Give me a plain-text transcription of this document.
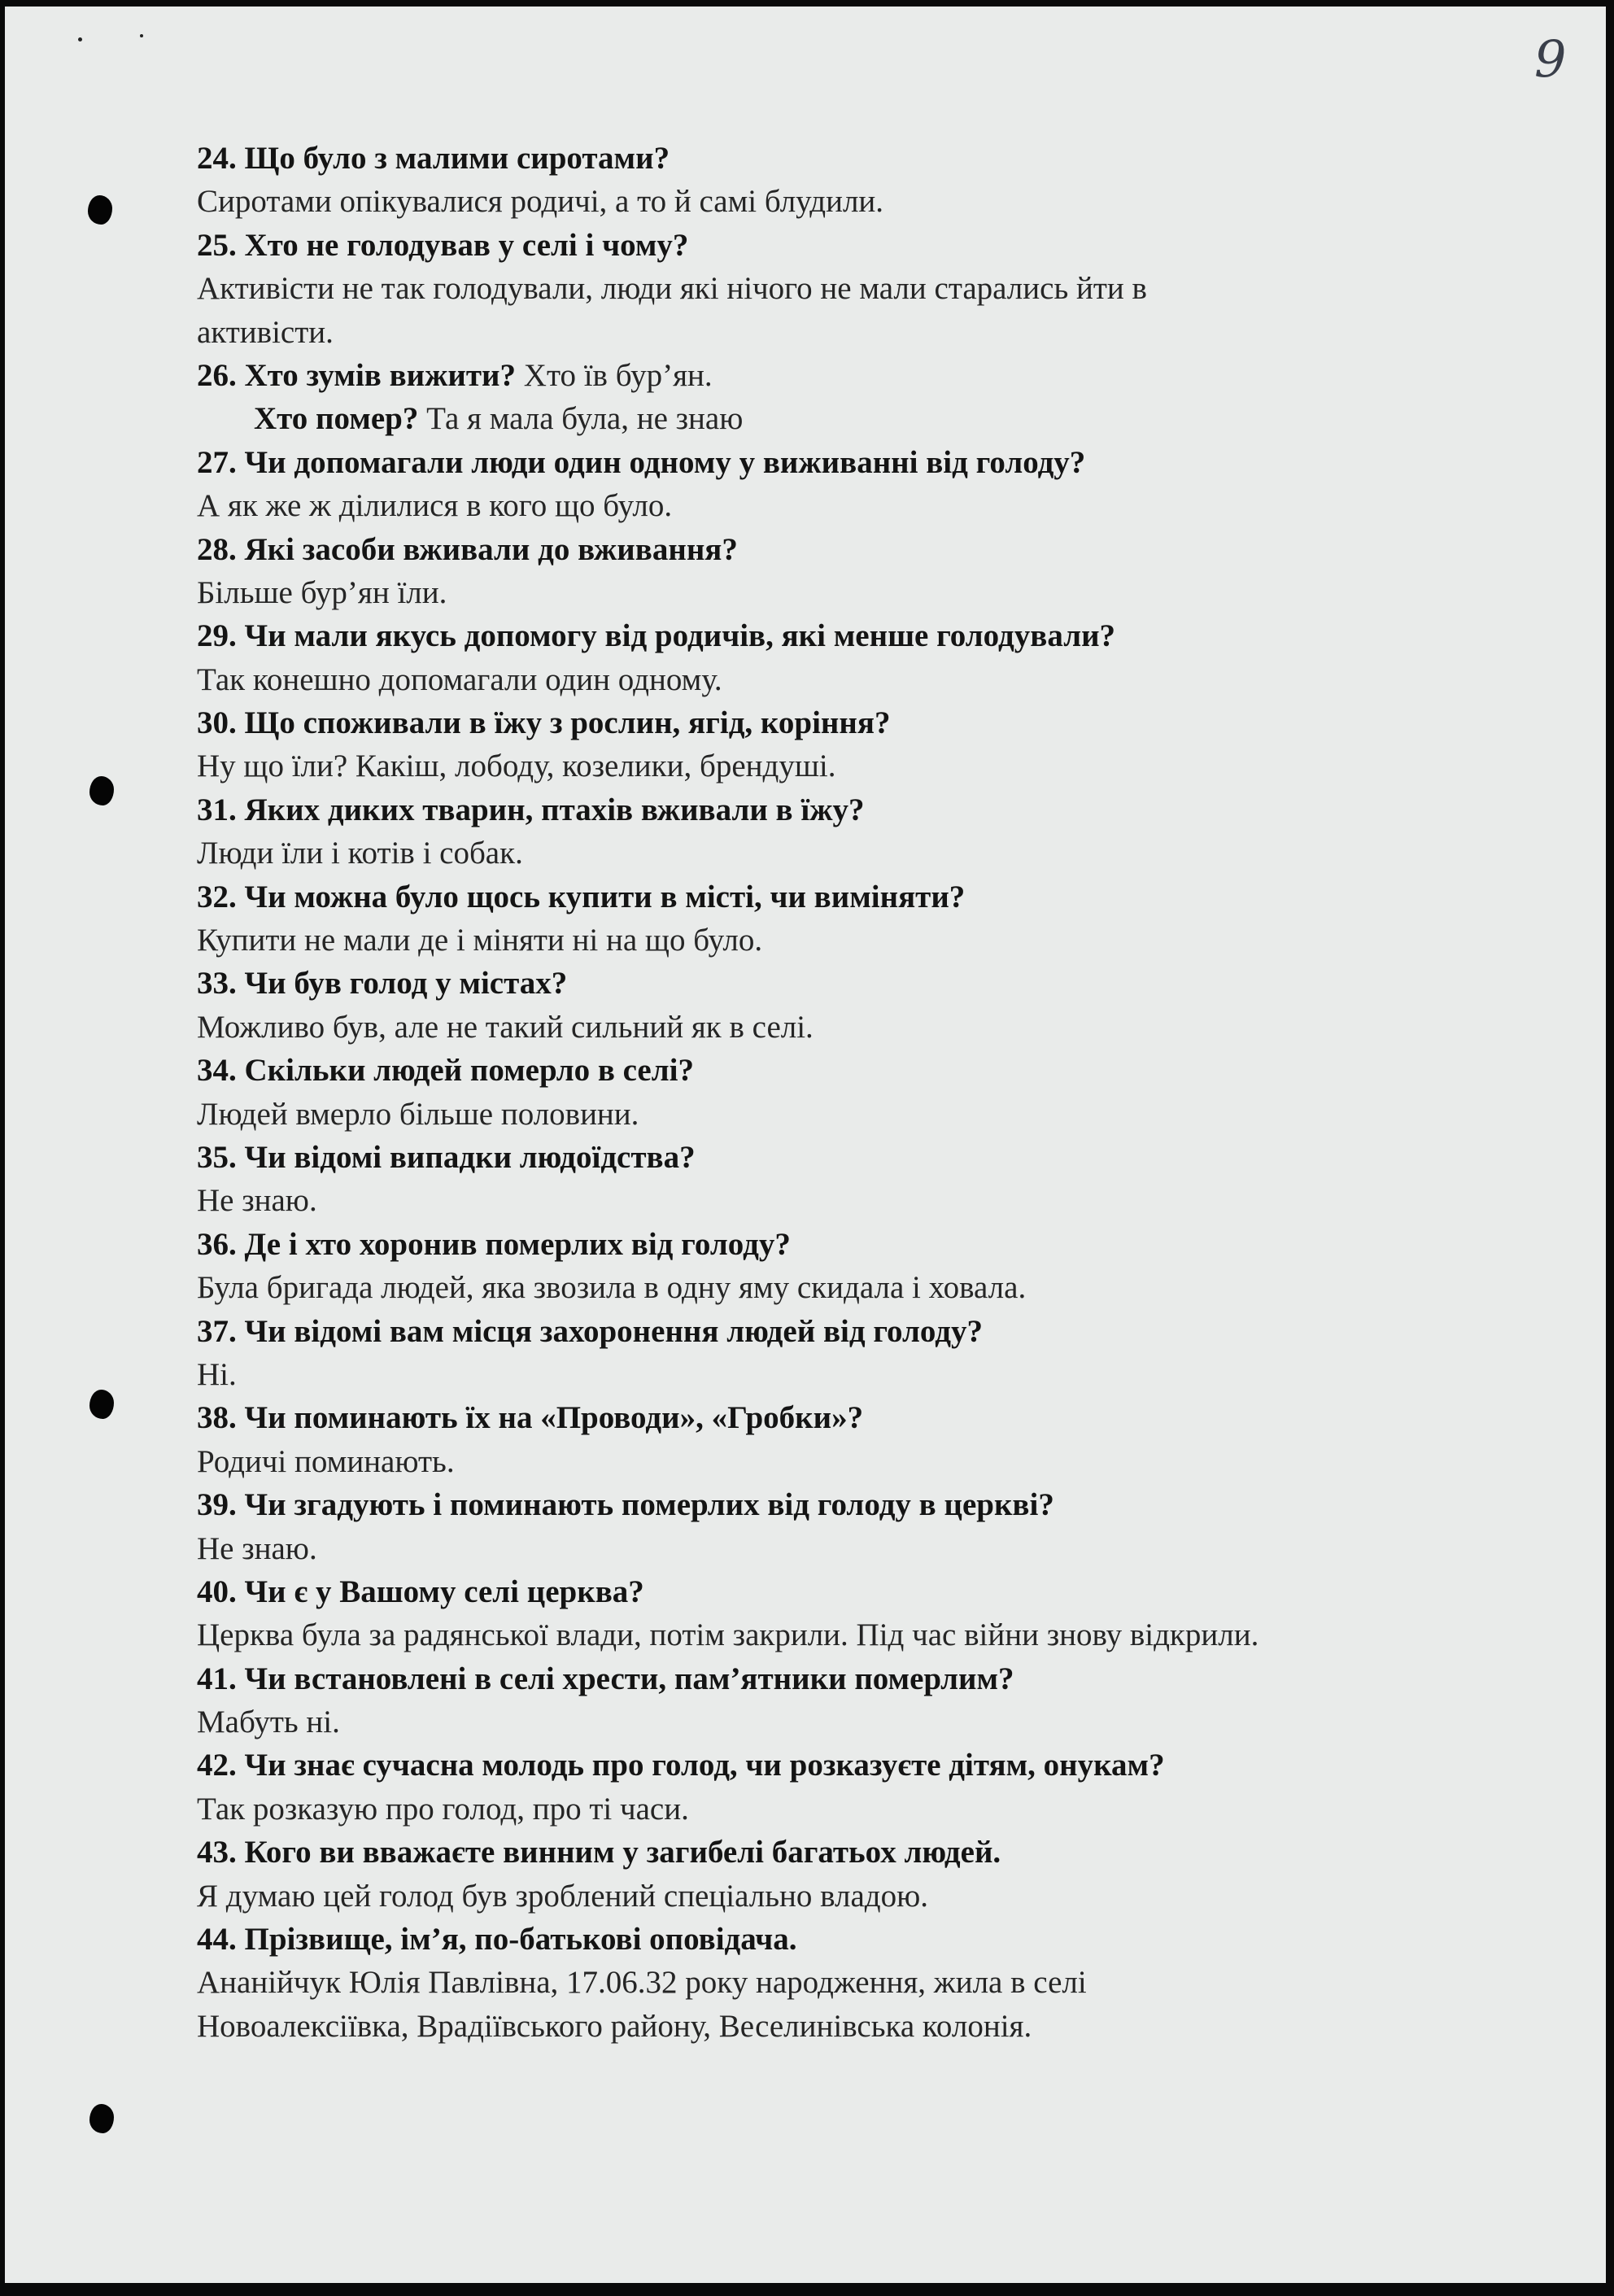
9
24. Що було з малими сиротами?
Сиротами опікувалися родичі, а то й самі блудили.
25. Хто не голодував у селі і чому?
Активісти не так голодували, люди які нічого не мали старались йти в
активісти.
26. Хто зумів вижити? Хто їв бур’ян.
Хто помер? Та я мала була, не знаю
27. Чи допомагали люди один одному у виживанні від голоду?
А як же ж ділилися в кого що було.
28. Які засоби вживали до вживання?
Більше бур’ян їли.
29. Чи мали якусь допомогу від родичів, які менше голодували?
Так конешно допомагали один одному.
30. Що споживали в їжу з рослин, ягід, коріння?
Ну що їли? Какіш, лободу, козелики, брендуші.
31. Яких диких тварин, птахів вживали в їжу?
Люди їли і котів і собак.
32. Чи можна було щось купити в місті, чи виміняти?
Купити не мали де і міняти ні на що було.
33. Чи був голод у містах?
Можливо був, але не такий сильний як в селі.
34. Скільки людей померло в селі?
Людей вмерло більше половини.
35. Чи відомі випадки людоїдства?
Не знаю.
36. Де і хто хоронив померлих від голоду?
Була бригада людей, яка звозила в одну яму скидала і ховала.
37. Чи відомі вам місця захоронення людей від голоду?
Ні.
38. Чи поминають їх на «Проводи», «Гробки»?
Родичі поминають.
39. Чи згадують і поминають померлих від голоду в церкві?
Не знаю.
40. Чи є у Вашому селі церква?
Церква була за радянської влади, потім закрили. Під час війни знову відкрили.
41. Чи встановлені в селі хрести, пам’ятники померлим?
Мабуть ні.
42. Чи знає сучасна молодь про голод, чи розказуєте дітям, онукам?
Так розказую про голод, про ті часи.
43. Кого ви вважаєте винним у загибелі багатьох людей.
Я думаю цей голод був зроблений спеціально владою.
44. Прізвище, ім’я, по-батькові оповідача.
Ананійчук Юлія Павлівна, 17.06.32 року народження, жила в селі
Новоалексіївка, Врадіївського району, Веселинівська колонія.
